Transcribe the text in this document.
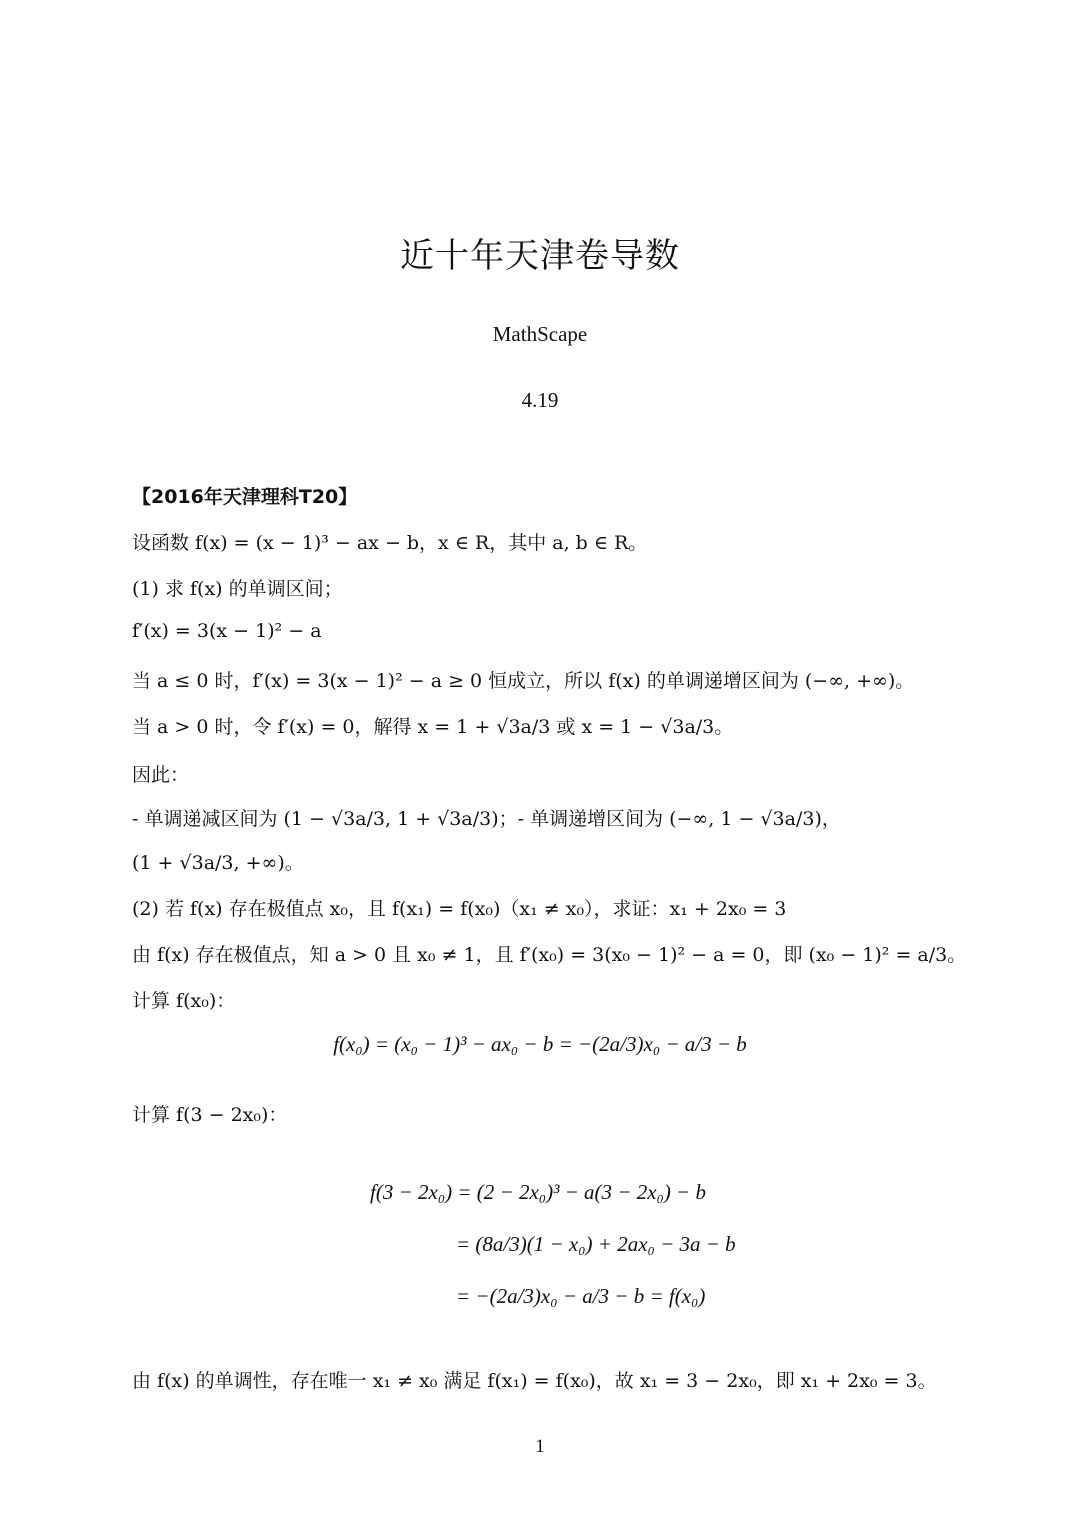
近十年天津卷导数
MathScape
4.19
【2016年天津理科T20】
设函数 f(x) = (x − 1)³ − ax − b，x ∈ R，其中 a, b ∈ R。
(1) 求 f(x) 的单调区间；
f′(x) = 3(x − 1)² − a
当 a ≤ 0 时，f′(x) = 3(x − 1)² − a ≥ 0 恒成立，所以 f(x) 的单调递增区间为 (−∞, +∞)。
当 a > 0 时，令 f′(x) = 0，解得 x = 1 + √3a/3 或 x = 1 − √3a/3。
因此：
- 单调递减区间为 (1 − √3a/3, 1 + √3a/3)；- 单调递增区间为 (−∞, 1 − √3a/3)，
(1 + √3a/3, +∞)。
(2) 若 f(x) 存在极值点 x₀，且 f(x₁) = f(x₀)（x₁ ≠ x₀），求证：x₁ + 2x₀ = 3
由 f(x) 存在极值点，知 a > 0 且 x₀ ≠ 1，且 f′(x₀) = 3(x₀ − 1)² − a = 0，即 (x₀ − 1)² = a/3。
计算 f(x₀)：
f(x₀) = (x₀ − 1)³ − ax₀ − b = −(2a/3)x₀ − a/3 − b
计算 f(3 − 2x₀)：
f(3 − 2x₀) = (2 − 2x₀)³ − a(3 − 2x₀) − b
= (8a/3)(1 − x₀) + 2ax₀ − 3a − b
= −(2a/3)x₀ − a/3 − b = f(x₀)
由 f(x) 的单调性，存在唯一 x₁ ≠ x₀ 满足 f(x₁) = f(x₀)，故 x₁ = 3 − 2x₀，即 x₁ + 2x₀ = 3。
1
